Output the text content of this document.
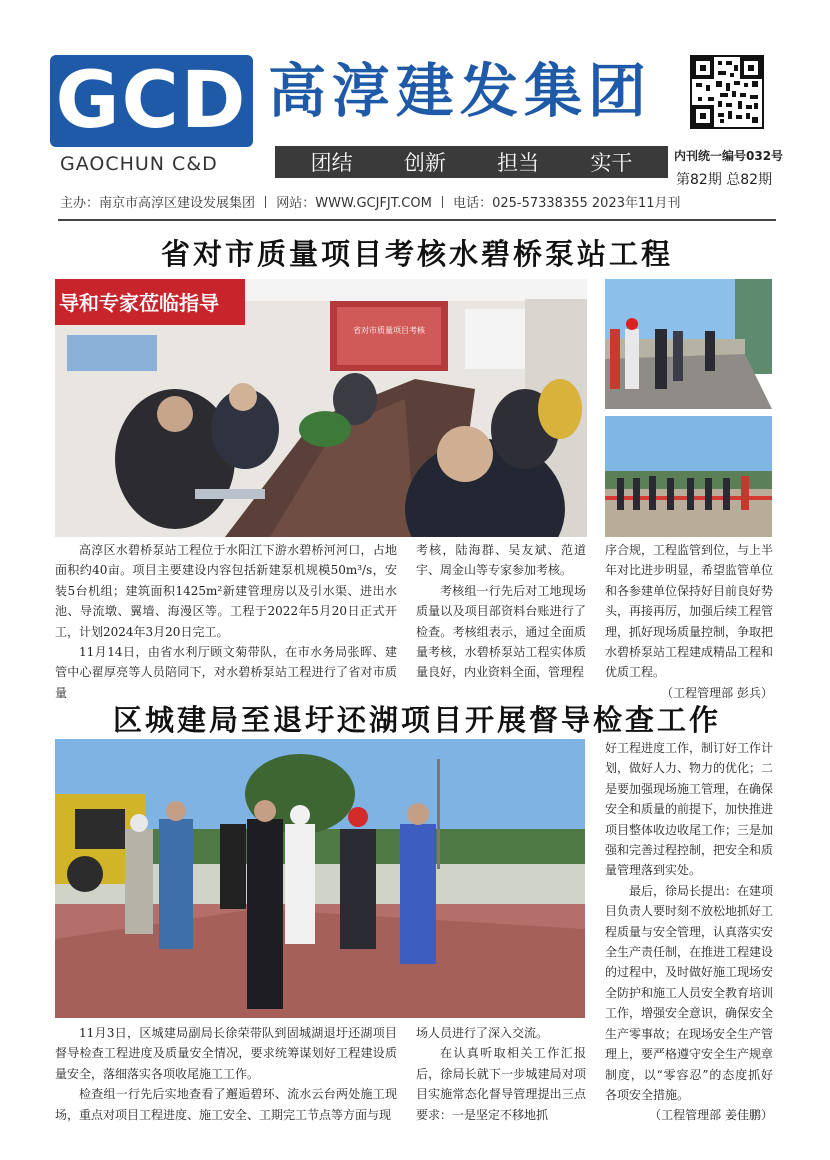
GCD
GAOCHUN C&D
高淳建发集团
团结 创新 担当 实干	内刊统一编号032号
第82期 总82期
主办：南京市高淳区建设发展集团 丨 网站：WWW.GCJFJT.COM 丨 电话：025-57338355 2023年11月刊
省对市质量项目考核水碧桥泵站工程
导和专家莅临指导
省对市质量项目考核

高淳区水碧桥泵站工程位于水阳江下游水碧桥河河口，占地面积约40亩。项目主要建设内容包括新建泵机规模50m³/s，安装5台机组；建筑面积1425m²新建管理房以及引水渠、进出水池、导流墩、翼墙、海漫区等。工程于2022年5月20日正式开工，计划2024年3月20日完工。

11月14日，由省水利厅顾文菊带队，在市水务局张晖、建管中心翟厚亮等人员陪同下，对水碧桥泵站工程进行了省对市质量

考核，陆海群、吴友斌、范道宇、周金山等专家参加考核。

考核组一行先后对工地现场质量以及项目部资料台账进行了检查。考核组表示，通过全面质量考核，水碧桥泵站工程实体质量良好，内业资料全面，管理程

序合规，工程监管到位，与上半年对比进步明显，希望监管单位和各参建单位保持好目前良好势头，再接再厉，加强后续工程管理，抓好现场质量控制，争取把水碧桥泵站工程建成精品工程和优质工程。

（工程管理部 彭兵）
区城建局至退圩还湖项目开展督导检查工作

好工程进度工作，制订好工作计划，做好人力、物力的优化；二是要加强现场施工管理，在确保安全和质量的前提下，加快推进项目整体收边收尾工作；三是加强和完善过程控制，把安全和质量管理落到实处。

最后，徐局长提出：在建项目负责人要时刻不放松地抓好工程质量与安全管理，认真落实安全生产责任制，在推进工程建设的过程中，及时做好施工现场安全防护和施工人员安全教育培训工作，增强安全意识，确保安全生产零事故；在现场安全生产管理上，要严格遵守安全生产规章制度，以“零容忍”的态度抓好各项安全措施。

（工程管理部 姜佳鹏）

11月3日，区城建局副局长徐荣带队到固城湖退圩还湖项目督导检查工程进度及质量安全情况，要求统筹谋划好工程建设质量安全，落细落实各项收尾施工工作。

检查组一行先后实地查看了邂逅碧环、流水云台两处施工现场，重点对项目工程进度、施工安全、工期完工节点等方面与现

场人员进行了深入交流。

在认真听取相关工作汇报后，徐局长就下一步城建局对项目实施常态化督导管理提出三点要求：一是坚定不移地抓
